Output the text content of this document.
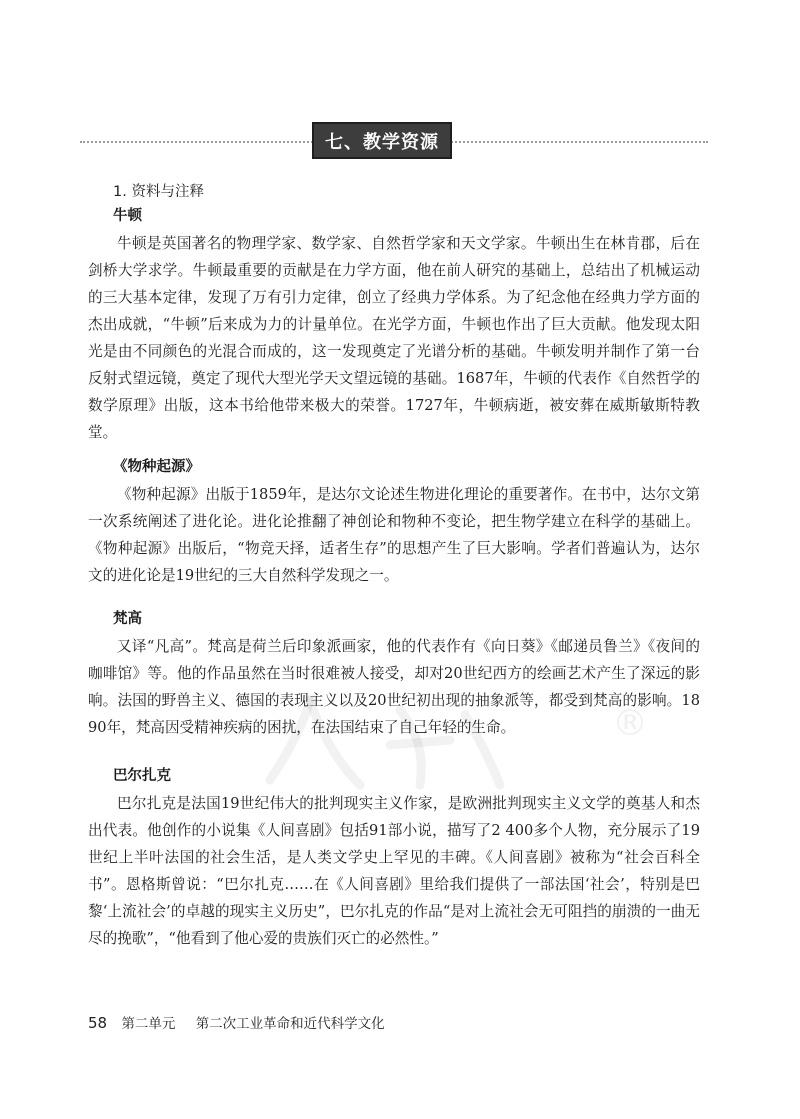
七、教学资源
1. 资料与注释

牛顿

牛顿是英国著名的物理学家、数学家、自然哲学家和天文学家。牛顿出生在林肯郡，后在剑桥大学求学。牛顿最重要的贡献是在力学方面，他在前人研究的基础上，总结出了机械运动的三大基本定律，发现了万有引力定律，创立了经典力学体系。为了纪念他在经典力学方面的杰出成就，“牛顿”后来成为力的计量单位。在光学方面，牛顿也作出了巨大贡献。他发现太阳光是由不同颜色的光混合而成的，这一发现奠定了光谱分析的基础。牛顿发明并制作了第一台反射式望远镜，奠定了现代大型光学天文望远镜的基础。1687年，牛顿的代表作《自然哲学的数学原理》出版，这本书给他带来极大的荣誉。1727年，牛顿病逝，被安葬在威斯敏斯特教堂。

《物种起源》

《物种起源》出版于1859年，是达尔文论述生物进化理论的重要著作。在书中，达尔文第一次系统阐述了进化论。进化论推翻了神创论和物种不变论，把生物学建立在科学的基础上。《物种起源》出版后，“物竞天择，适者生存”的思想产生了巨大影响。学者们普遍认为，达尔文的进化论是19世纪的三大自然科学发现之一。

梵高

又译“凡高”。梵高是荷兰后印象派画家，他的代表作有《向日葵》《邮递员鲁兰》《夜间的咖啡馆》等。他的作品虽然在当时很难被人接受，却对20世纪西方的绘画艺术产生了深远的影响。法国的野兽主义、德国的表现主义以及20世纪初出现的抽象派等，都受到梵高的影响。1890年，梵高因受精神疾病的困扰，在法国结束了自己年轻的生命。

巴尔扎克

巴尔扎克是法国19世纪伟大的批判现实主义作家，是欧洲批判现实主义文学的奠基人和杰出代表。他创作的小说集《人间喜剧》包括91部小说，描写了2 400多个人物，充分展示了19世纪上半叶法国的社会生活，是人类文学史上罕见的丰碑。《人间喜剧》被称为“社会百科全书”。恩格斯曾说：“巴尔扎克……在《人间喜剧》里给我们提供了一部法国‘社会’，特别是巴黎‘上流社会’的卓越的现实主义历史”，巴尔扎克的作品“是对上流社会无可阻挡的崩溃的一曲无尽的挽歌”，“他看到了他心爱的贵族们灭亡的必然性。”

®
58 第二单元 第二次工业革命和近代科学文化
